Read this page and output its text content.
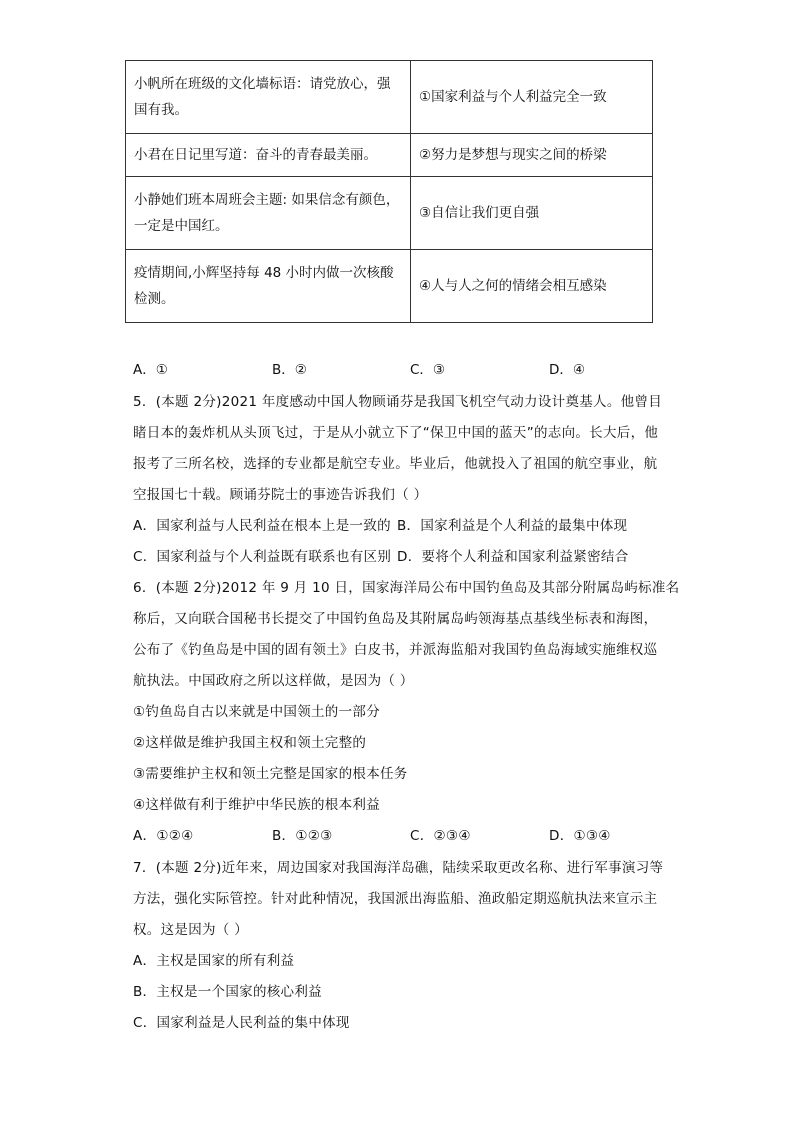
小帆所在班级的文化墙标语：请党放心，强国有我。	①国家利益与个人利益完全一致
小君在日记里写道：奋斗的青春最美丽。	②努力是梦想与现实之间的桥梁
小静她们班本周班会主题: 如果信念有颜色，一定是中国红。	③自信让我们更自强
疫情期间,小辉坚持每 48 小时内做一次核酸检测。	④人与人之何的情绪会相互感染
A．①	B．②	C．③	D．④
5．(本题 2分)2021 年度感动中国人物顾诵芬是我国飞机空气动力设计奠基人。他曾目
睹日本的轰炸机从头顶飞过，于是从小就立下了“保卫中国的蓝天”的志向。长大后，他
报考了三所名校，选择的专业都是航空专业。毕业后，他就投入了祖国的航空事业，航
空报国七十载。顾诵芬院士的事迹告诉我们（ ）
A．国家利益与人民利益在根本上是一致的 B．国家利益是个人利益的最集中体现
C．国家利益与个人利益既有联系也有区别 D．要将个人利益和国家利益紧密结合
6．(本题 2分)2012 年 9 月 10 日，国家海洋局公布中国钓鱼岛及其部分附属岛屿标准名
称后，又向联合国秘书长提交了中国钓鱼岛及其附属岛屿领海基点基线坐标表和海图，
公布了《钓鱼岛是中国的固有领土》白皮书，并派海监船对我国钓鱼岛海域实施维权巡
航执法。中国政府之所以这样做，是因为（ ）
①钓鱼岛自古以来就是中国领土的一部分
②这样做是维护我国主权和领土完整的
③需要维护主权和领土完整是国家的根本任务
④这样做有利于维护中华民族的根本利益
A．①②④	B．①②③	C．②③④	D．①③④
7．(本题 2分)近年来，周边国家对我国海洋岛礁，陆续采取更改名称、进行军事演习等
方法，强化实际管控。针对此种情况，我国派出海监船、渔政船定期巡航执法来宣示主
权。这是因为（ ）
A．主权是国家的所有利益
B．主权是一个国家的核心利益
C．国家利益是人民利益的集中体现
